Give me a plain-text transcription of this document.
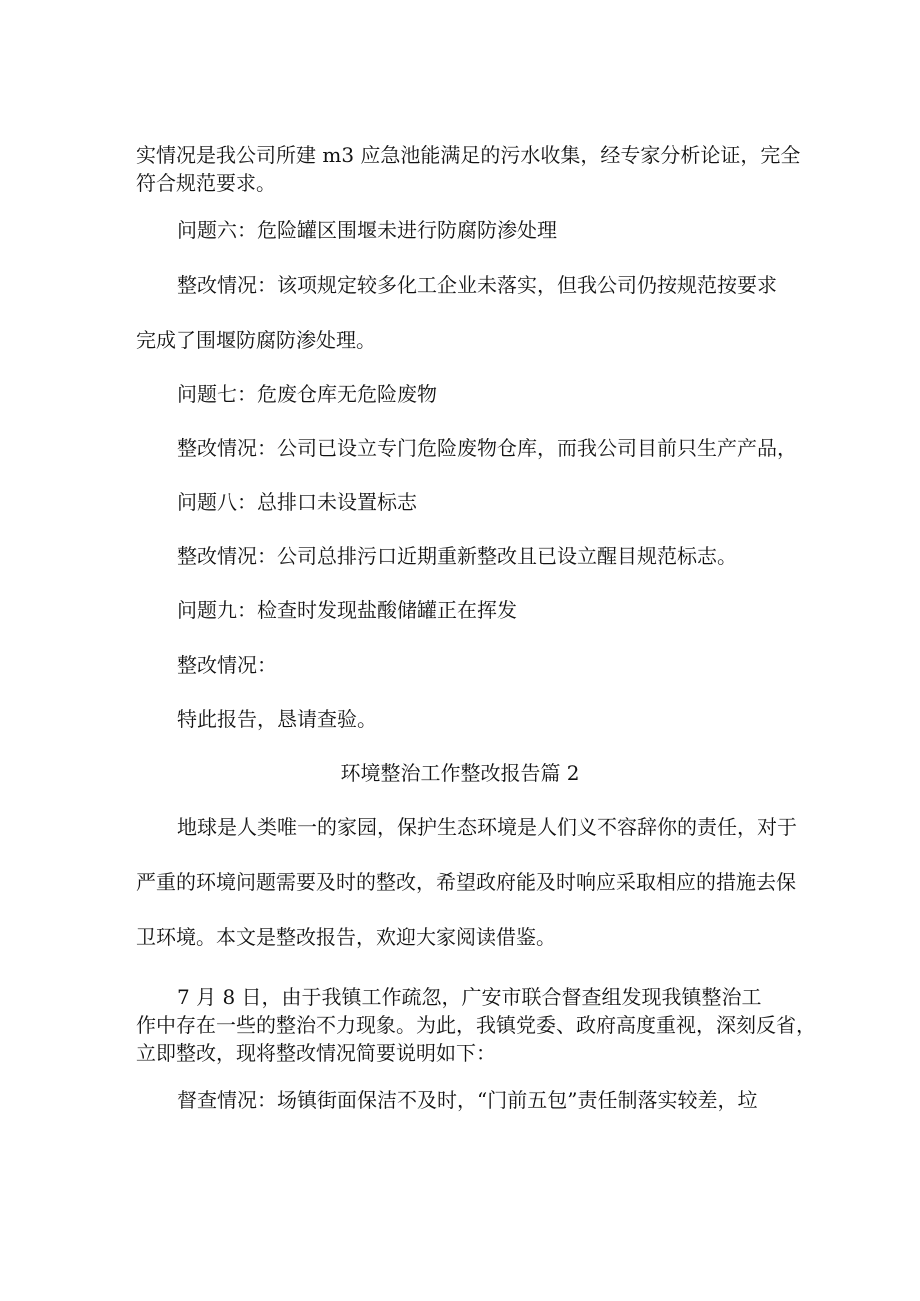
实情况是我公司所建 m3 应急池能满足的污水收集，经专家分析论证，完全
符合规范要求。
问题六：危险罐区围堰未进行防腐防渗处理
整改情况：该项规定较多化工企业未落实，但我公司仍按规范按要求
完成了围堰防腐防渗处理。
问题七：危废仓库无危险废物
整改情况：公司已设立专门危险废物仓库，而我公司目前只生产产品，
问题八：总排口未设置标志
整改情况：公司总排污口近期重新整改且已设立醒目规范标志。
问题九：检查时发现盐酸储罐正在挥发
整改情况：
特此报告，恳请查验。
环境整治工作整改报告篇 2
地球是人类唯一的家园，保护生态环境是人们义不容辞你的责任，对于
严重的环境问题需要及时的整改，希望政府能及时响应采取相应的措施去保
卫环境。本文是整改报告，欢迎大家阅读借鉴。
7 月 8 日，由于我镇工作疏忽，广安市联合督查组发现我镇整治工
作中存在一些的整治不力现象。为此，我镇党委、政府高度重视，深刻反省，
立即整改，现将整改情况简要说明如下：
督查情况：场镇街面保洁不及时，“门前五包”责任制落实较差，垃
